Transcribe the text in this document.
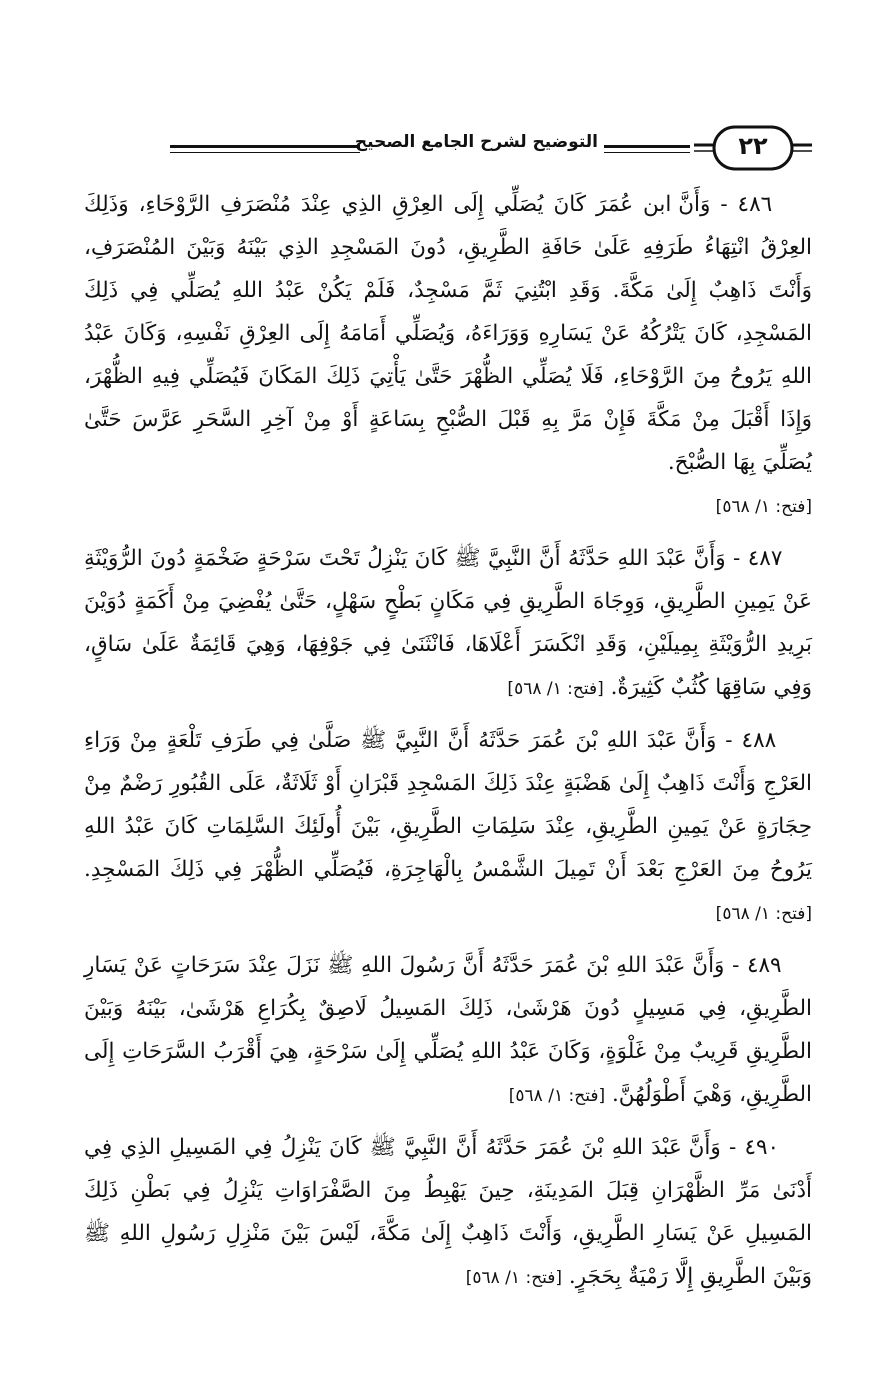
٢٢
التوضيح لشرح الجامع الصحيح

٤٨٦ - وَأَنَّ ابن عُمَرَ كَانَ يُصَلِّي إِلَى العِرْقِ الذِي عِنْدَ مُنْصَرَفِ الرَّوْحَاءِ، وَذَلِكَ العِرْقُ انْتِهَاءُ طَرَفِهِ عَلَىٰ حَافَةِ الطَّرِيقِ، دُونَ المَسْجِدِ الذِي بَيْنَهُ وَبَيْنَ المُنْصَرَفِ، وَأَنْتَ ذَاهِبٌ إِلَىٰ مَكَّةَ. وَقَدِ ابْتُنِيَ ثَمَّ مَسْجِدٌ، فَلَمْ يَكُنْ عَبْدُ اللهِ يُصَلِّي فِي ذَلِكَ المَسْجِدِ، كَانَ يَتْرُكُهُ عَنْ يَسَارِهِ وَوَرَاءَهُ، وَيُصَلِّي أَمَامَهُ إِلَى العِرْقِ نَفْسِهِ، وَكَانَ عَبْدُ اللهِ يَرُوحُ مِنَ الرَّوْحَاءِ، فَلَا يُصَلِّي الظُّهْرَ حَتَّىٰ يَأْتِيَ ذَلِكَ المَكَانَ فَيُصَلِّي فِيهِ الظُّهْرَ، وَإِذَا أَقْبَلَ مِنْ مَكَّةَ فَإِنْ مَرَّ بِهِ قَبْلَ الصُّبْحِ بِسَاعَةٍ أَوْ مِنْ آخِرِ السَّحَرِ عَرَّسَ حَتَّىٰ يُصَلِّيَ بِهَا الصُّبْحَ.
[فتح: ١/ ٥٦٨]

٤٨٧ - وَأَنَّ عَبْدَ اللهِ حَدَّثَهُ أَنَّ النَّبِيَّ ﷺ كَانَ يَنْزِلُ تَحْتَ سَرْحَةٍ ضَخْمَةٍ دُونَ الرُّوَيْثَةِ عَنْ يَمِينِ الطَّرِيقِ، وَوِجَاهَ الطَّرِيقِ فِي مَكَانٍ بَطْحٍ سَهْلٍ، حَتَّىٰ يُفْضِيَ مِنْ أَكَمَةٍ دُوَيْنَ بَرِيدِ الرُّوَيْثَةِ بِمِيلَيْنِ، وَقَدِ انْكَسَرَ أَعْلَاهَا، فَانْثَنَىٰ فِي جَوْفِهَا، وَهِيَ قَائِمَةٌ عَلَىٰ سَاقٍ، وَفِي سَاقِهَا كُثُبٌ كَثِيرَةٌ. [فتح: ١/ ٥٦٨]

٤٨٨ - وَأَنَّ عَبْدَ اللهِ بْنَ عُمَرَ حَدَّثَهُ أَنَّ النَّبِيَّ ﷺ صَلَّىٰ فِي طَرَفِ تَلْعَةٍ مِنْ وَرَاءِ العَرْجِ وَأَنْتَ ذَاهِبٌ إِلَىٰ هَضْبَةٍ عِنْدَ ذَلِكَ المَسْجِدِ قَبْرَانِ أَوْ ثَلَاثَةٌ، عَلَى القُبُورِ رَضْمٌ مِنْ حِجَارَةٍ عَنْ يَمِينِ الطَّرِيقِ، عِنْدَ سَلِمَاتِ الطَّرِيقِ، بَيْنَ أُولَئِكَ السَّلِمَاتِ كَانَ عَبْدُ اللهِ يَرُوحُ مِنَ العَرْجِ بَعْدَ أَنْ تَمِيلَ الشَّمْسُ بِالْهَاجِرَةِ، فَيُصَلِّي الظُّهْرَ فِي ذَلِكَ المَسْجِدِ. [فتح: ١/ ٥٦٨]

٤٨٩ - وَأَنَّ عَبْدَ اللهِ بْنَ عُمَرَ حَدَّثَهُ أَنَّ رَسُولَ اللهِ ﷺ نَزَلَ عِنْدَ سَرَحَاتٍ عَنْ يَسَارِ الطَّرِيقِ، فِي مَسِيلٍ دُونَ هَرْشَىٰ، ذَلِكَ المَسِيلُ لَاصِقٌ بِكُرَاعِ هَرْشَىٰ، بَيْنَهُ وَبَيْنَ الطَّرِيقِ قَرِيبٌ مِنْ غَلْوَةٍ، وَكَانَ عَبْدُ اللهِ يُصَلِّي إِلَىٰ سَرْحَةٍ، هِيَ أَقْرَبُ السَّرَحَاتِ إِلَى الطَّرِيقِ، وَهْيَ أَطْوَلُهُنَّ. [فتح: ١/ ٥٦٨]

٤٩٠ - وَأَنَّ عَبْدَ اللهِ بْنَ عُمَرَ حَدَّثَهُ أَنَّ النَّبِيَّ ﷺ كَانَ يَنْزِلُ فِي المَسِيلِ الذِي فِي أَدْنَىٰ مَرِّ الظَّهْرَانِ قِبَلَ المَدِينَةِ، حِينَ يَهْبِطُ مِنَ الصَّفْرَاوَاتِ يَنْزِلُ فِي بَطْنِ ذَلِكَ المَسِيلِ عَنْ يَسَارِ الطَّرِيقِ، وَأَنْتَ ذَاهِبٌ إِلَىٰ مَكَّةَ، لَيْسَ بَيْنَ مَنْزِلِ رَسُولِ اللهِ ﷺ وَبَيْنَ الطَّرِيقِ إِلَّا رَمْيَةٌ بِحَجَرٍ. [فتح: ١/ ٥٦٨]
